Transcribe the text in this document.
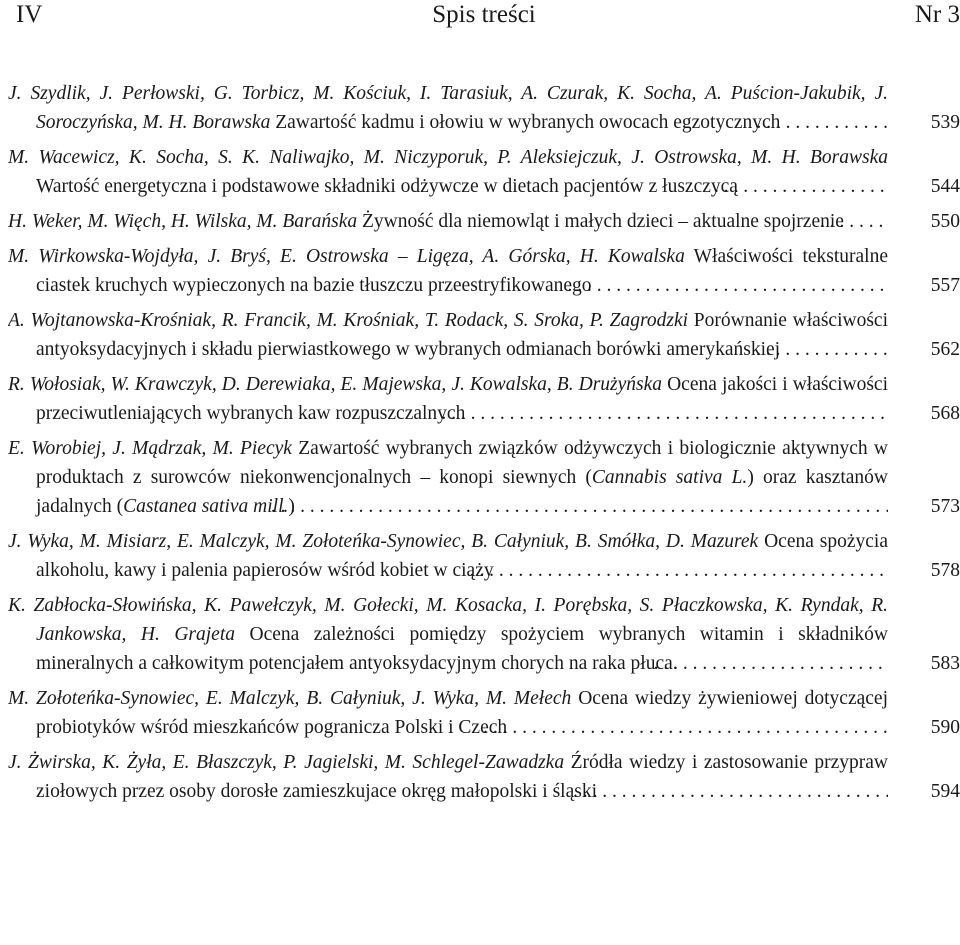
IV	Spis treści	Nr 3
J. Szydlik, J. Perłowski, G. Torbicz, M. Kościuk, I. Tarasiuk, A. Czurak, K. Socha, A. Puścion-Jakubik, J. Soroczyńska, M. H. Borawska Zawartość kadmu i ołowiu w wybranych owocach egzotycznych	539
M. Wacewicz, K. Socha, S. K. Naliwajko, M. Niczyporuk, P. Aleksiejczuk, J. Ostrowska, M. H. Borawska Wartość energetyczna i podstawowe składniki odżywcze w dietach pacjentów z łuszczycą	544
H. Weker, M. Więch, H. Wilska, M. Barańska Żywność dla niemowląt i małych dzieci – aktualne spojrzenie	550
M. Wirkowska-Wojdyła, J. Bryś, E. Ostrowska – Ligęza, A. Górska, H. Kowalska Właściwości teksturalne ciastek kruchych wypieczonych na bazie tłuszczu przeestryfikowanego	557
A. Wojtanowska-Krośniak, R. Francik, M. Krośniak, T. Rodack, S. Sroka, P. Zagrodzki Porównanie właściwości antyoksydacyjnych i składu pierwiastkowego w wybranych odmianach borówki amerykańskiej	562
R. Wołosiak, W. Krawczyk, D. Derewiaka, E. Majewska, J. Kowalska, B. Drużyńska Ocena jakości i właściwości przeciwutleniających wybranych kaw rozpuszczalnych	568
E. Worobiej, J. Mądrzak, M. Piecyk Zawartość wybranych związków odżywczych i biologicznie aktywnych w produktach z surowców niekonwencjonalnych – konopi siewnych (Cannabis sativa L.) oraz kasztanów jadalnych (Castanea sativa mill.)	573
J. Wyka, M. Misiarz, E. Malczyk, M. Zołoteńka-Synowiec, B. Całyniuk, B. Smółka, D. Mazurek Ocena spożycia alkoholu, kawy i palenia papierosów wśród kobiet w ciąży	578
K. Zabłocka-Słowińska, K. Pawełczyk, M. Gołecki, M. Kosacka, I. Porębska, S. Płaczkowska, K. Ryndak, R. Jankowska, H. Grajeta Ocena zależności pomiędzy spożyciem wybranych witamin i składników mineralnych a całkowitym potencjałem antyoksydacyjnym chorych na raka płuca.	583
M. Zołoteńka-Synowiec, E. Malczyk, B. Całyniuk, J. Wyka, M. Mełech Ocena wiedzy żywieniowej dotyczącej probiotyków wśród mieszkańców pogranicza Polski i Czech	590
J. Żwirska, K. Żyła, E. Błaszczyk, P. Jagielski, M. Schlegel-Zawadzka Źródła wiedzy i zastosowanie przypraw ziołowych przez osoby dorosłe zamieszkujace okręg małopolski i śląski	594
